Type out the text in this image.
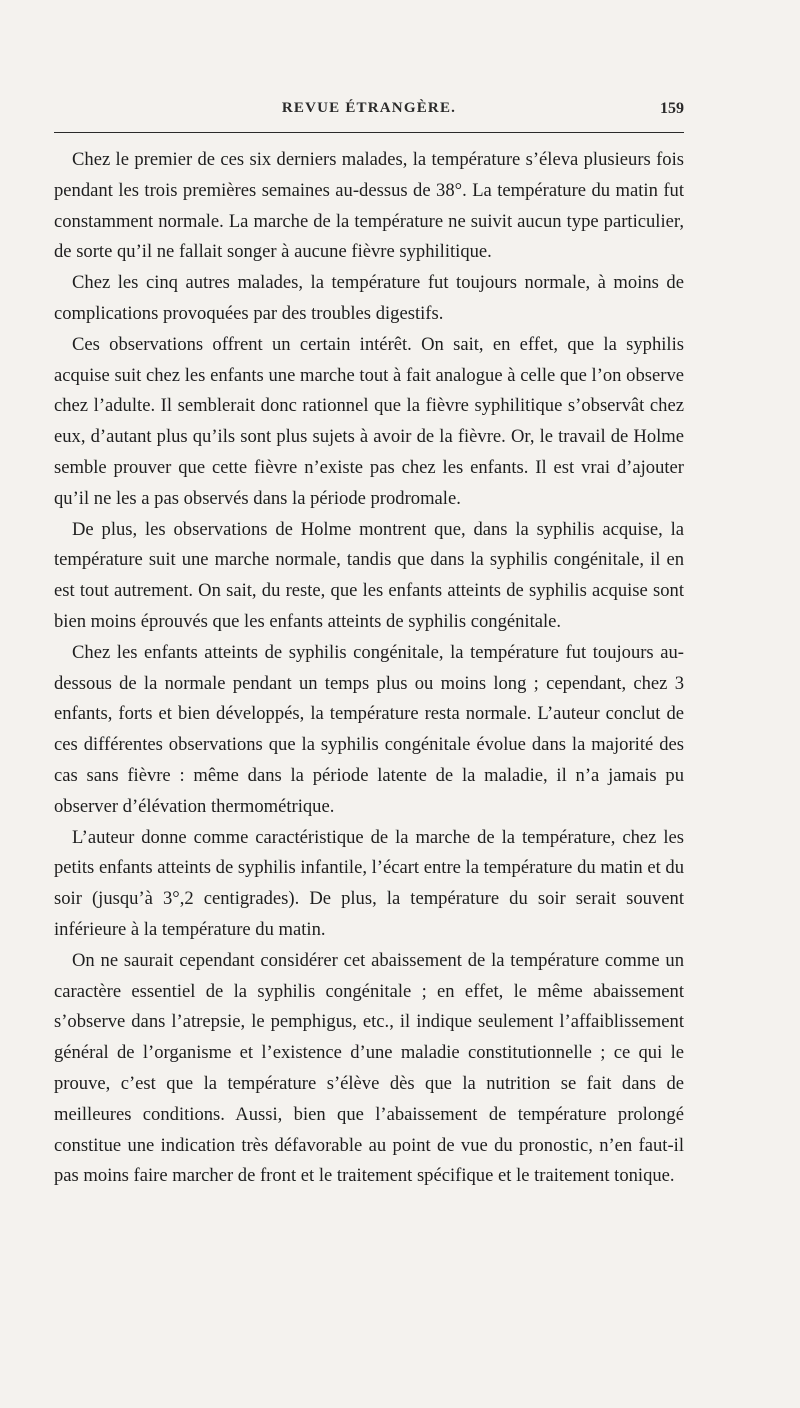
REVUE ÉTRANGÈRE.	159

Chez le premier de ces six derniers malades, la température s’éleva plusieurs fois pendant les trois premières semaines au-dessus de 38°. La température du matin fut constamment normale. La marche de la température ne suivit aucun type particulier, de sorte qu’il ne fallait songer à aucune fièvre syphilitique.

Chez les cinq autres malades, la température fut toujours normale, à moins de complications provoquées par des troubles digestifs.

Ces observations offrent un certain intérêt. On sait, en effet, que la syphilis acquise suit chez les enfants une marche tout à fait analogue à celle que l’on observe chez l’adulte. Il semblerait donc rationnel que la fièvre syphilitique s’observât chez eux, d’autant plus qu’ils sont plus sujets à avoir de la fièvre. Or, le travail de Holme semble prouver que cette fièvre n’existe pas chez les enfants. Il est vrai d’ajouter qu’il ne les a pas observés dans la période prodromale.

De plus, les observations de Holme montrent que, dans la syphilis acquise, la température suit une marche normale, tandis que dans la syphilis congénitale, il en est tout autrement. On sait, du reste, que les enfants atteints de syphilis acquise sont bien moins éprouvés que les enfants atteints de syphilis congénitale.

Chez les enfants atteints de syphilis congénitale, la température fut toujours au-dessous de la normale pendant un temps plus ou moins long ; cependant, chez 3 enfants, forts et bien développés, la température resta normale. L’auteur conclut de ces différentes observations que la syphilis congénitale évolue dans la majorité des cas sans fièvre : même dans la période latente de la maladie, il n’a jamais pu observer d’élévation thermométrique.

L’auteur donne comme caractéristique de la marche de la température, chez les petits enfants atteints de syphilis infantile, l’écart entre la température du matin et du soir (jusqu’à 3°,2 centigrades). De plus, la température du soir serait souvent inférieure à la température du matin.

On ne saurait cependant considérer cet abaissement de la température comme un caractère essentiel de la syphilis congénitale ; en effet, le même abaissement s’observe dans l’atrepsie, le pemphigus, etc., il indique seulement l’affaiblissement général de l’organisme et l’existence d’une maladie constitutionnelle ; ce qui le prouve, c’est que la température s’élève dès que la nutrition se fait dans de meilleures conditions. Aussi, bien que l’abaissement de température prolongé constitue une indication très défavorable au point de vue du pronostic, n’en faut-il pas moins faire marcher de front et le traitement spécifique et le traitement tonique.
